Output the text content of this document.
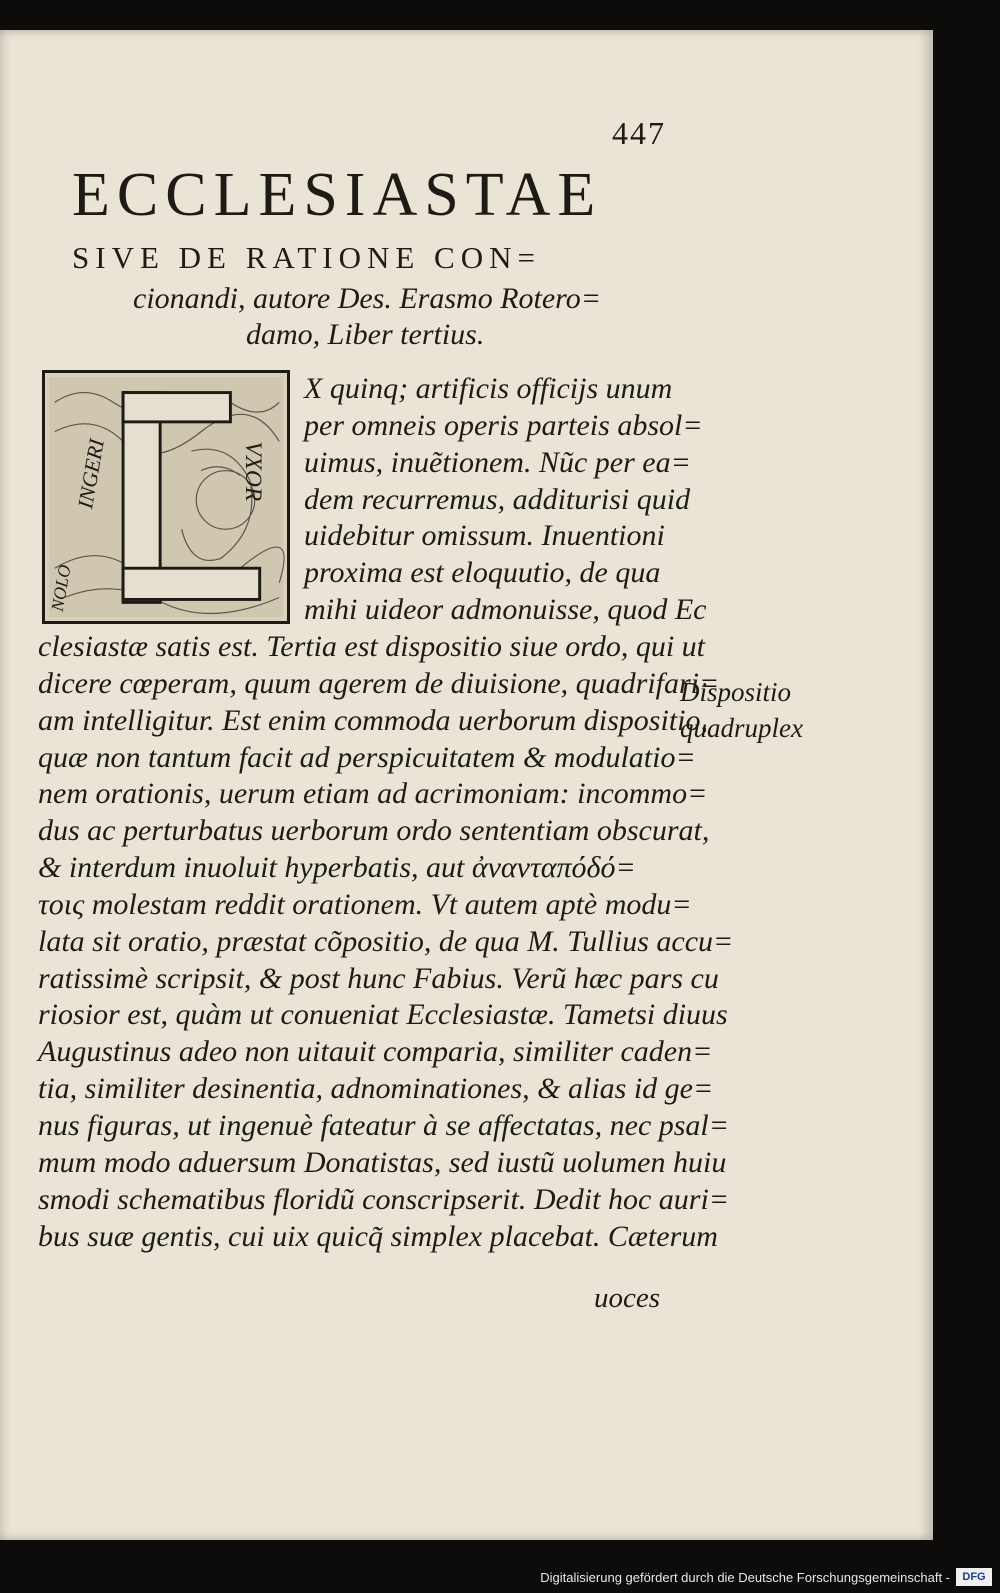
447
ECCLESIASTAE
SIVE DE RATIONE CON=
cionandi, autore Des. Erasmo Rotero=
damo, Liber tertius.
INGERI	VXOR
NOLO
X quinq; artificis officijs unum
per omneis operis parteis absol=
uimus, inuẽtionem. Nũc per ea=
dem recurremus, additurisi quid
uidebitur omissum. Inuentioni
proxima est eloquutio, de qua
mihi uideor admonuisse, quod Ec
clesiastæ satis est. Tertia est dispositio siue ordo, qui ut
dicere cœperam, quum agerem de diuisione, quadrifari=
am intelligitur. Est enim commoda uerborum dispositio,
quæ non tantum facit ad perspicuitatem & modulatio=
nem orationis, uerum etiam ad acrimoniam: incommo=
dus ac perturbatus uerborum ordo sententiam obscurat,
& interdum inuoluit hyperbatis, aut ἀνανταπόδό=
τοις molestam reddit orationem. Vt autem aptè modu=
lata sit oratio, præstat cõpositio, de qua M. Tullius accu=
ratissimè scripsit, & post hunc Fabius. Verũ hæc pars cu
riosior est, quàm ut conueniat Ecclesiastæ. Tametsi diuus
Augustinus adeo non uitauit comparia, similiter caden=
tia, similiter desinentia, adnominationes, & alias id ge=
nus figuras, ut ingenuè fateatur à se affectatas, nec psal=
mum modo aduersum Donatistas, sed iustũ uolumen huiu
smodi schematibus floridũ conscripserit. Dedit hoc auri=
bus suæ gentis, cui uix quicq̃ simplex placebat. Cæterum
Dispositio
quadruplex
uoces
Digitalisierung gefördert durch die Deutsche Forschungsgemeinschaft -	DFG
